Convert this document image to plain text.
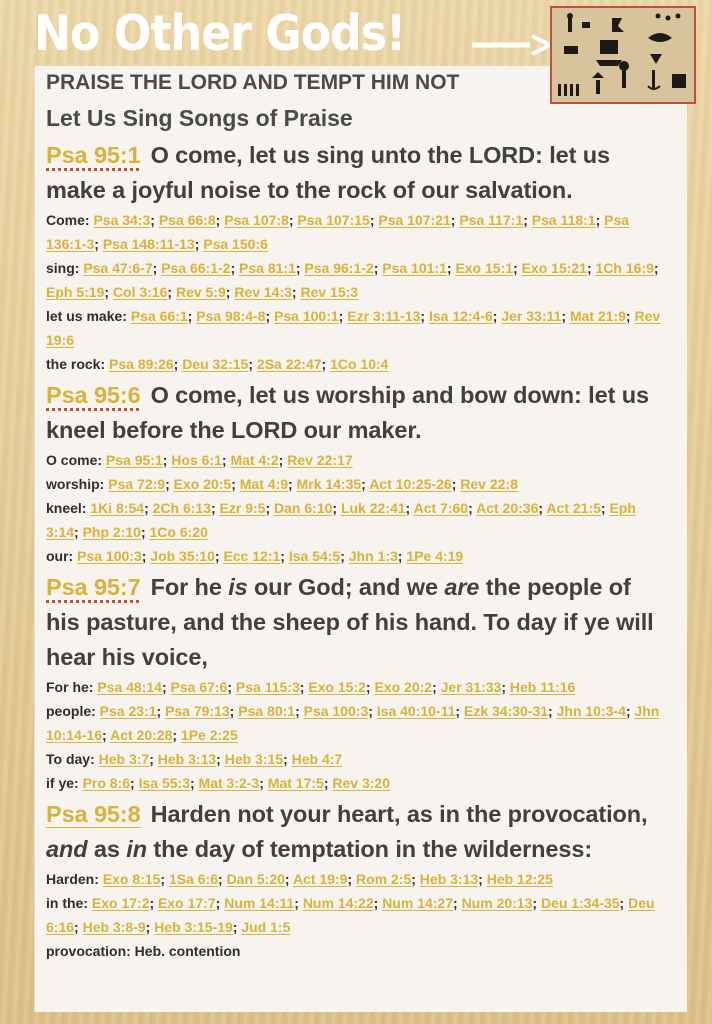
No Other Gods!
PRAISE THE LORD AND TEMPT HIM NOT
Let Us Sing Songs of Praise
Psa 95:1 O come, let us sing unto the LORD: let us make a joyful noise to the rock of our salvation.
Come: Psa 34:3; Psa 66:8; Psa 107:8; Psa 107:15; Psa 107:21; Psa 117:1; Psa 118:1; Psa 136:1-3; Psa 148:11-13; Psa 150:6
sing: Psa 47:6-7; Psa 66:1-2; Psa 81:1; Psa 96:1-2; Psa 101:1; Exo 15:1; Exo 15:21; 1Ch 16:9; Eph 5:19; Col 3:16; Rev 5:9; Rev 14:3; Rev 15:3
let us make: Psa 66:1; Psa 98:4-8; Psa 100:1; Ezr 3:11-13; Isa 12:4-6; Jer 33:11; Mat 21:9; Rev 19:6
the rock: Psa 89:26; Deu 32:15; 2Sa 22:47; 1Co 10:4
Psa 95:6 O come, let us worship and bow down: let us kneel before the LORD our maker.
O come: Psa 95:1; Hos 6:1; Mat 4:2; Rev 22:17
worship: Psa 72:9; Exo 20:5; Mat 4:9; Mrk 14:35; Act 10:25-26; Rev 22:8
kneel: 1Ki 8:54; 2Ch 6:13; Ezr 9:5; Dan 6:10; Luk 22:41; Act 7:60; Act 20:36; Act 21:5; Eph 3:14; Php 2:10; 1Co 6:20
our: Psa 100:3; Job 35:10; Ecc 12:1; Isa 54:5; Jhn 1:3; 1Pe 4:19
Psa 95:7 For he is our God; and we are the people of his pasture, and the sheep of his hand. To day if ye will hear his voice,
For he: Psa 48:14; Psa 67:6; Psa 115:3; Exo 15:2; Exo 20:2; Jer 31:33; Heb 11:16
people: Psa 23:1; Psa 79:13; Psa 80:1; Psa 100:3; Isa 40:10-11; Ezk 34:30-31; Jhn 10:3-4; Jhn 10:14-16; Act 20:28; 1Pe 2:25
To day: Heb 3:7; Heb 3:13; Heb 3:15; Heb 4:7
if ye: Pro 8:6; Isa 55:3; Mat 3:2-3; Mat 17:5; Rev 3:20
Psa 95:8 Harden not your heart, as in the provocation, and as in the day of temptation in the wilderness:
Harden: Exo 8:15; 1Sa 6:6; Dan 5:20; Act 19:9; Rom 2:5; Heb 3:13; Heb 12:25
in the: Exo 17:2; Exo 17:7; Num 14:11; Num 14:22; Num 14:27; Num 20:13; Deu 1:34-35; Deu 6:16; Heb 3:8-9; Heb 3:15-19; Jud 1:5
provocation: Heb. contention
